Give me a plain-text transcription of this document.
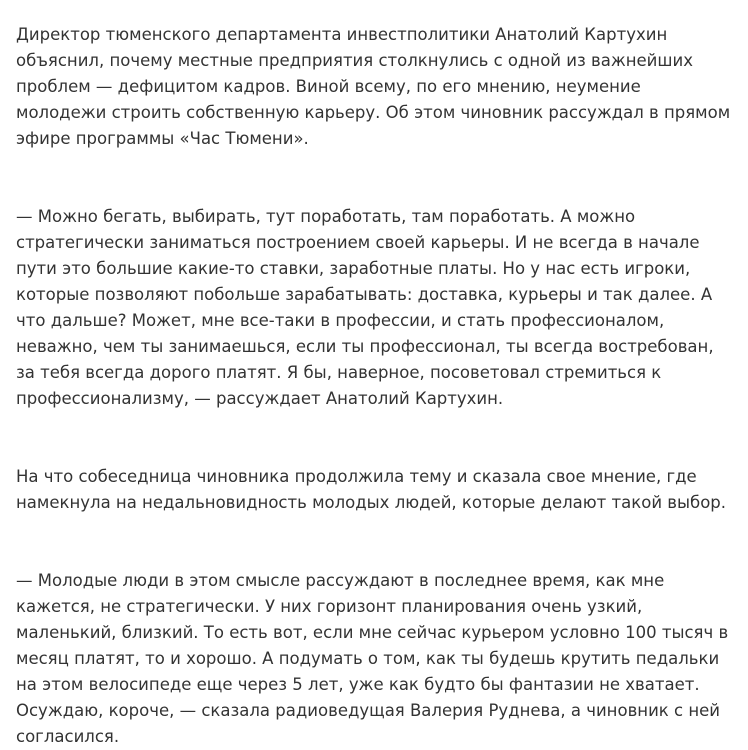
Директор тюменского департамента инвестполитики Анатолий Картухин объяснил, почему местные предприятия столкнулись с одной из важнейших проблем — дефицитом кадров. Виной всему, по его мнению, неумение молодежи строить собственную карьеру. Об этом чиновник рассуждал в прямом эфире программы «Час Тюмени».

— Можно бегать, выбирать, тут поработать, там поработать. А можно стратегически заниматься построением своей карьеры. И не всегда в начале пути это большие какие-то ставки, заработные платы. Но у нас есть игроки, которые позволяют побольше зарабатывать: доставка, курьеры и так далее. А что дальше? Может, мне все-таки в профессии, и стать профессионалом, неважно, чем ты занимаешься, если ты профессионал, ты всегда востребован, за тебя всегда дорого платят. Я бы, наверное, посоветовал стремиться к профессионализму, — рассуждает Анатолий Картухин.

На что собеседница чиновника продолжила тему и сказала свое мнение, где намекнула на недальновидность молодых людей, которые делают такой выбор.

— Молодые люди в этом смысле рассуждают в последнее время, как мне кажется, не стратегически. У них горизонт планирования очень узкий, маленький, близкий. То есть вот, если мне сейчас курьером условно 100 тысяч в месяц платят, то и хорошо. А подумать о том, как ты будешь крутить педальки на этом велосипеде еще через 5 лет, уже как будто бы фантазии не хватает. Осуждаю, короче, — сказала радиоведущая Валерия Руднева, а чиновник с ней согласился.
